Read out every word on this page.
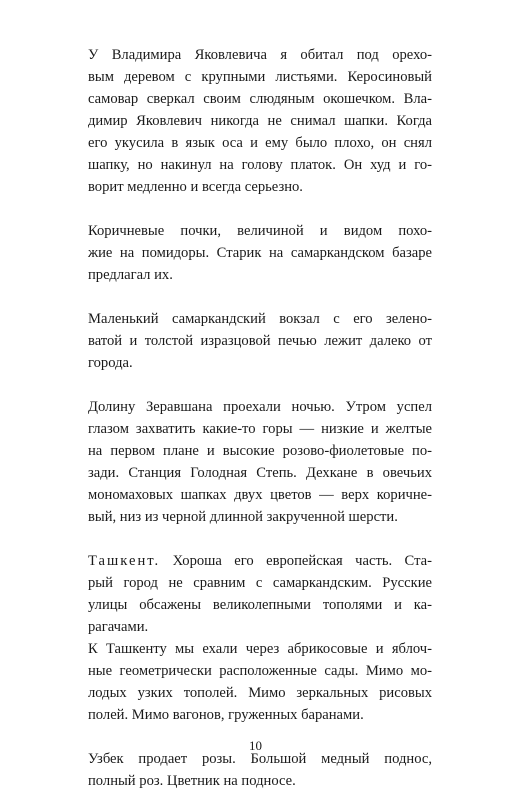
У Владимира Яковлевича я обитал под орехо-
вым деревом с крупными листьями. Керосиновый
самовар сверкал своим слюдяным окошечком. Вла-
димир Яковлевич никогда не снимал шапки. Когда
его укусила в язык оса и ему было плохо, он снял
шапку, но накинул на голову платок. Он худ и го-
ворит медленно и всегда серьезно.

Коричневые почки, величиной и видом похо-
жие на помидоры. Старик на самаркандском базаре
предлагал их.

Маленький самаркандский вокзал с его зелено-
ватой и толстой изразцовой печью лежит далеко от
города.

Долину Зеравшана проехали ночью. Утром успел
глазом захватить какие-то горы — низкие и желтые
на первом плане и высокие розово-фиолетовые по-
зади. Станция Голодная Степь. Дехкане в овечьих
мономаховых шапках двух цветов — верх коричне-
вый, низ из черной длинной закрученной шерсти.

Ташкент. Хороша его европейская часть. Ста-
рый город не сравним с самаркандским. Русские
улицы обсажены великолепными тополями и ка-
рагачами.
К Ташкенту мы ехали через абрикосовые и яблоч-
ные геометрически расположенные сады. Мимо мо-
лодых узких тополей. Мимо зеркальных рисовых
полей. Мимо вагонов, груженных баранами.

Узбек продает розы. Большой медный поднос,
полный роз. Цветник на подносе.

10
